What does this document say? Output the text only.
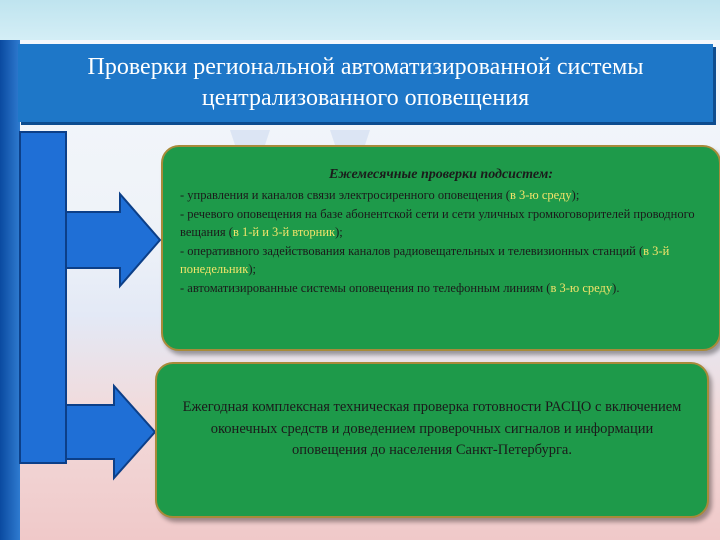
Проверки региональной автоматизированной системы
централизованного оповещения
Ежемесячные проверки подсистем:
- управления и каналов связи электросиренного оповещения (в 3-ю среду);
- речевого оповещения на базе абонентской сети и сети уличных громкоговорителей проводного вещания (в 1-й и 3-й вторник);
- оперативного задействования каналов радиовещательных и телевизионных станций (в 3-й понедельник);
- автоматизированные системы оповещения по телефонным линиям (в 3-ю среду).
Ежегодная комплексная техническая проверка готовности РАСЦО с включением оконечных средств и доведением проверочных сигналов и информации оповещения до населения Санкт-Петербурга.
